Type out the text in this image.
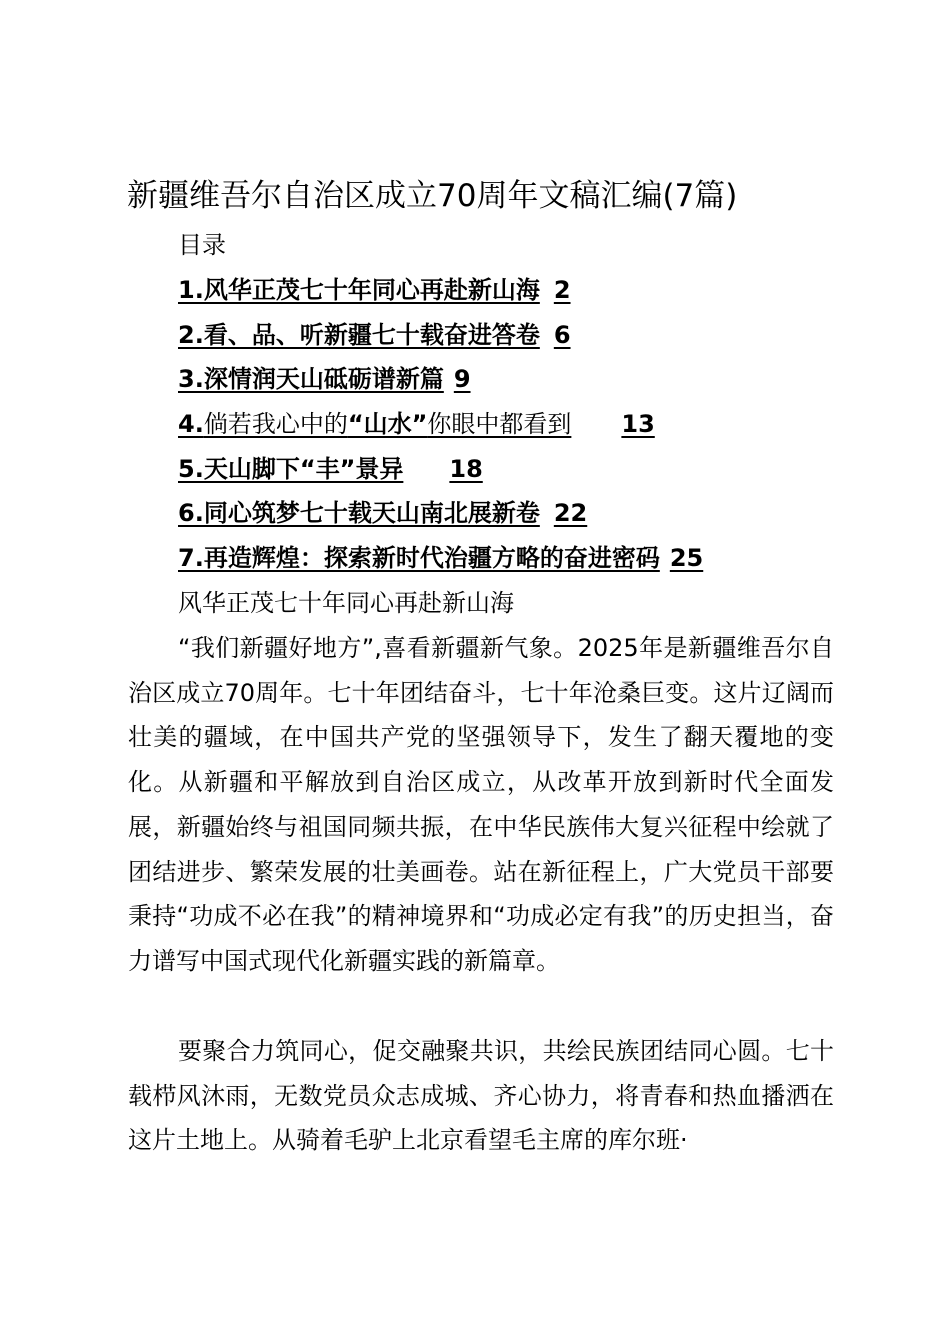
新疆维吾尔自治区成立70周年文稿汇编(7篇)
目录
1.风华正茂七十年同心再赴新山海 2
2.看、品、听新疆七十载奋进答卷 6
3.深情润天山砥砺谱新篇 9
4.倘若我心中的“山水”你眼中都看到 13
5.天山脚下“丰”景异 18
6.同心筑梦七十载天山南北展新卷 22
7.再造辉煌：探索新时代治疆方略的奋进密码 25
风华正茂七十年同心再赴新山海

“我们新疆好地方”,喜看新疆新气象。2025年是新疆维吾尔自治区成立70周年。七十年团结奋斗，七十年沧桑巨变。这片辽阔而壮美的疆域，在中国共产党的坚强领导下，发生了翻天覆地的变化。从新疆和平解放到自治区成立，从改革开放到新时代全面发展，新疆始终与祖国同频共振，在中华民族伟大复兴征程中绘就了团结进步、繁荣发展的壮美画卷。站在新征程上，广大党员干部要秉持“功成不必在我”的精神境界和“功成必定有我”的历史担当，奋力谱写中国式现代化新疆实践的新篇章。

要聚合力筑同心，促交融聚共识，共绘民族团结同心圆。七十载栉风沐雨，无数党员众志成城、齐心协力，将青春和热血播洒在这片土地上。从骑着毛驴上北京看望毛主席的库尔班·
